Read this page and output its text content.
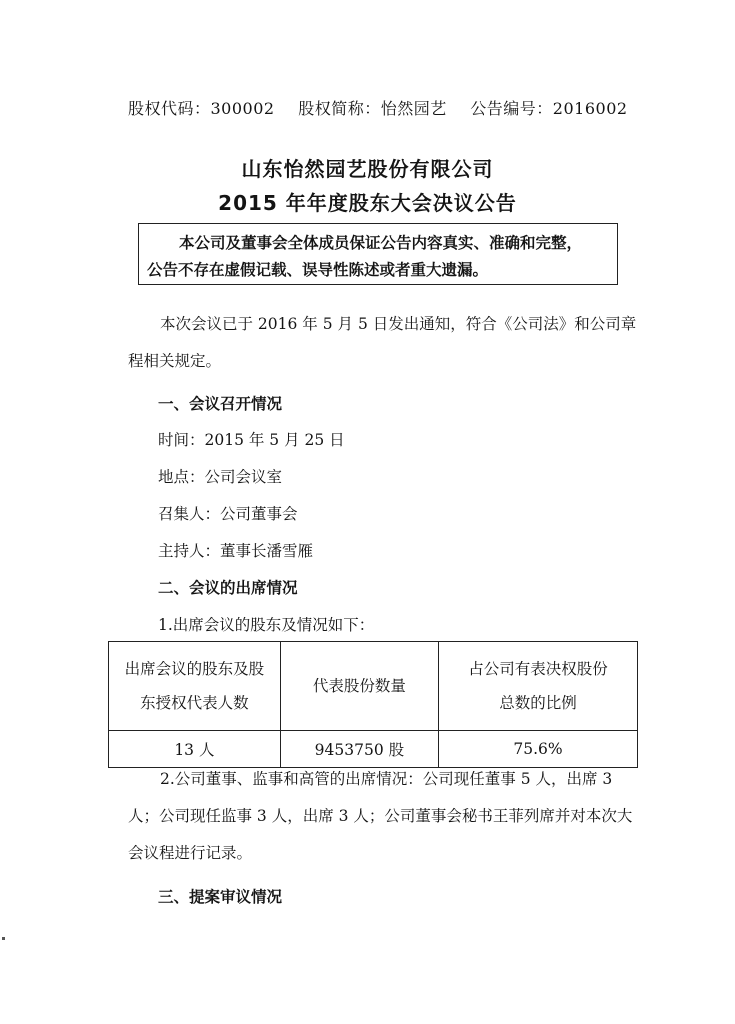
股权代码：300002 股权简称：怡然园艺 公告编号：2016002
山东怡然园艺股份有限公司
2015 年年度股东大会决议公告
本公司及董事会全体成员保证公告内容真实、准确和完整，
公告不存在虚假记载、误导性陈述或者重大遗漏。
本次会议已于 2016 年 5 月 5 日发出通知，符合《公司法》和公司章程相关规定。
一、会议召开情况
时间：2015 年 5 月 25 日
地点：公司会议室
召集人：公司董事会
主持人：董事长潘雪雁
二、会议的出席情况
1.出席会议的股东及情况如下：
出席会议的股东及股东授权代表人数	代表股份数量	占公司有表决权股份总数的比例
13 人	9453750 股	75.6%
2.公司董事、监事和高管的出席情况：公司现任董事 5 人，出席 3 人；公司现任监事 3 人，出席 3 人；公司董事会秘书王菲列席并对本次大会议程进行记录。
三、提案审议情况
